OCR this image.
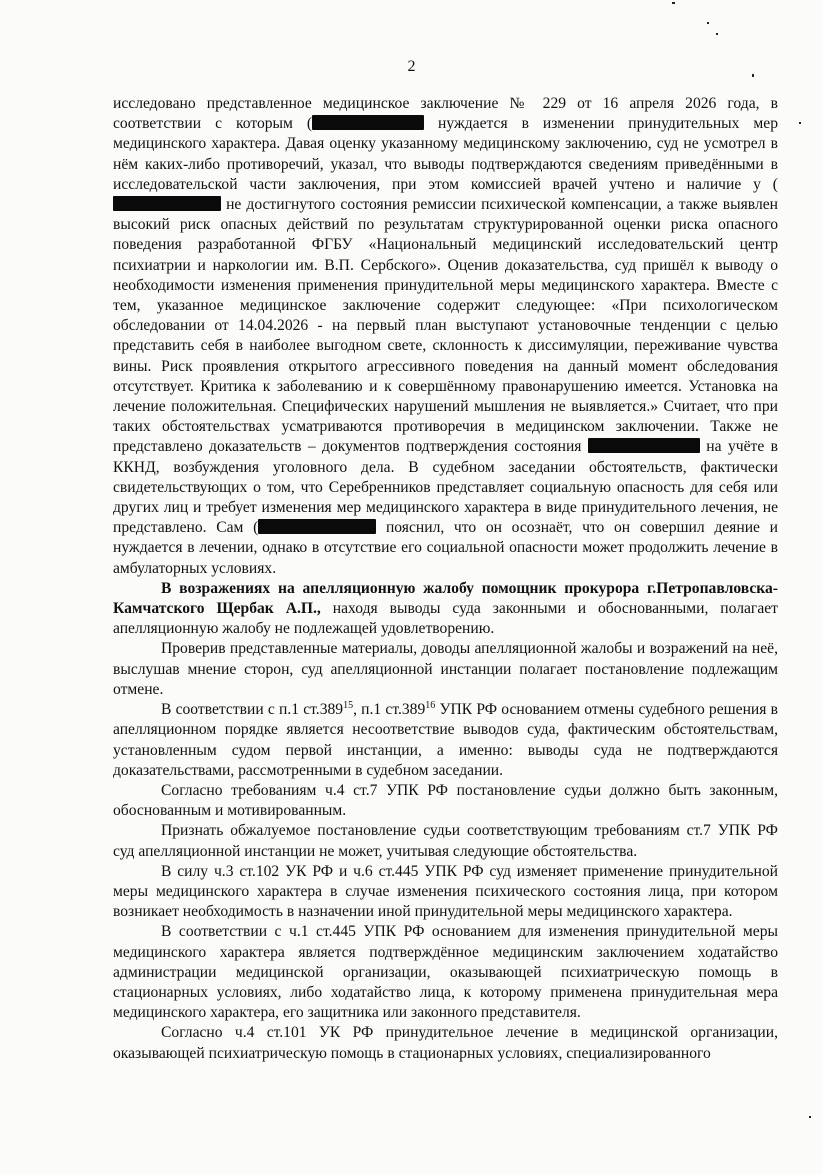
2

исследовано представленное медицинское заключение № 229 от 16 апреля 2026 года, в соответствии с которым (	нуждается в изменении принудительных мер медицинского характера. Давая оценку указанному медицинскому заключению, суд не усмотрел в нём каких-либо противоречий, указал, что выводы подтверждаются сведениям приведёнными в исследовательской части заключения, при этом комиссией врачей учтено и наличие у ( не достигнутого состояния ремиссии психической компенсации, а также выявлен высокий риск опасных действий по результатам структурированной оценки риска опасного поведения разработанной ФГБУ «Национальный медицинский исследовательский центр психиатрии и наркологии им. В.П. Сербского». Оценив доказательства, суд пришёл к выводу о необходимости изменения применения принудительной меры медицинского характера. Вместе с тем, указанное медицинское заключение содержит следующее: «При психологическом обследовании от 14.04.2026 - на первый план выступают установочные тенденции с целью представить себя в наиболее выгодном свете, склонность к диссимуляции, переживание чувства вины. Риск проявления открытого агрессивного поведения на данный момент обследования отсутствует. Критика к заболеванию и к совершённому правонарушению имеется. Установка на лечение положительная. Специфических нарушений мышления не выявляется.» Считает, что при таких обстоятельствах усматриваются противоречия в медицинском заключении. Также не представлено доказательств – документов подтверждения состояния	на учёте в ККНД, возбуждения уголовного дела. В судебном заседании обстоятельств, фактически свидетельствующих о том, что Серебренников представляет социальную опасность для себя или других лиц и требует изменения мер медицинского характера в виде принудительного лечения, не представлено. Сам (	пояснил, что он осознаёт, что он совершил деяние и нуждается в лечении, однако в отсутствие его социальной опасности может продолжить лечение в амбулаторных условиях.

В возражениях на апелляционную жалобу помощник прокурора г.Петропавловска-Камчатского Щербак А.П., находя выводы суда законными и обоснованными, полагает апелляционную жалобу не подлежащей удовлетворению.

Проверив представленные материалы, доводы апелляционной жалобы и возражений на неё, выслушав мнение сторон, суд апелляционной инстанции полагает постановление подлежащим отмене.

В соответствии с п.1 ст.389$^{15}$, п.1 ст.389$^{16}$ УПК РФ основанием отмены судебного решения в апелляционном порядке является несоответствие выводов суда, фактическим обстоятельствам, установленным судом первой инстанции, а именно: выводы суда не подтверждаются доказательствами, рассмотренными в судебном заседании.

Согласно требованиям ч.4 ст.7 УПК РФ постановление судьи должно быть законным, обоснованным и мотивированным.

Признать обжалуемое постановление судьи соответствующим требованиям ст.7 УПК РФ суд апелляционной инстанции не может, учитывая следующие обстоятельства.

В силу ч.3 ст.102 УК РФ и ч.6 ст.445 УПК РФ суд изменяет применение принудительной меры медицинского характера в случае изменения психического состояния лица, при котором возникает необходимость в назначении иной принудительной меры медицинского характера.

В соответствии с ч.1 ст.445 УПК РФ основанием для изменения принудительной меры медицинского характера является подтверждённое медицинским заключением ходатайство администрации медицинской организации, оказывающей психиатрическую помощь в стационарных условиях, либо ходатайство лица, к которому применена принудительная мера медицинского характера, его защитника или законного представителя.

Согласно ч.4 ст.101 УК РФ принудительное лечение в медицинской организации, оказывающей психиатрическую помощь в стационарных условиях, специализированного
